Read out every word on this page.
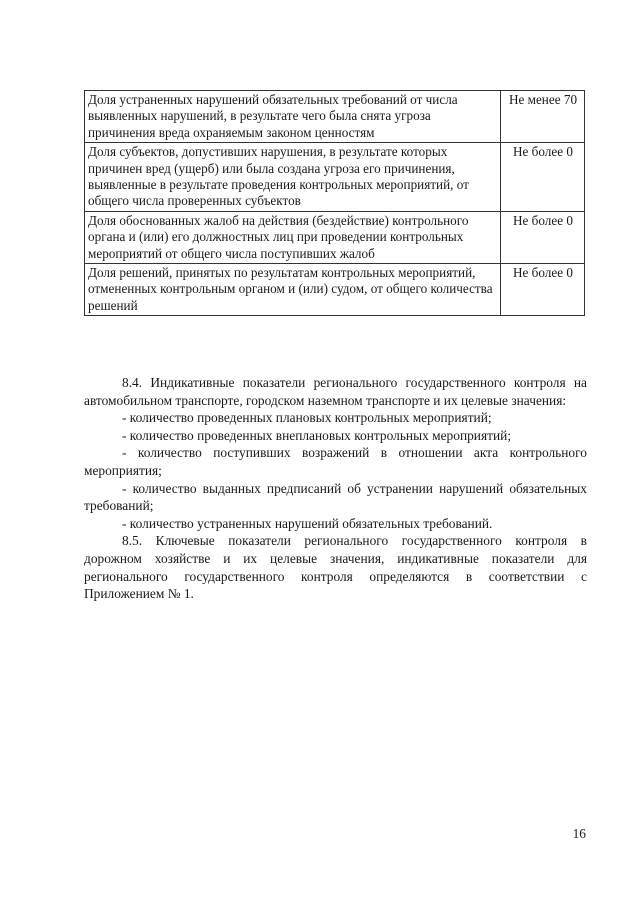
Доля устраненных нарушений обязательных требований от числа выявленных нарушений, в результате чего была снята угроза причинения вреда охраняемым законом ценностям	Не менее 70
Доля субъектов, допустивших нарушения, в результате которых причинен вред (ущерб) или была создана угроза его причинения, выявленные в результате проведения контрольных мероприятий, от общего числа проверенных субъектов	Не более 0
Доля обоснованных жалоб на действия (бездействие) контрольного органа и (или) его должностных лиц при проведении контрольных мероприятий от общего числа поступивших жалоб	Не более 0
Доля решений, принятых по результатам контрольных мероприятий, отмененных контрольным органом и (или) судом, от общего количества решений	Не более 0

8.4. Индикативные показатели регионального государственного контроля на автомобильном транспорте, городском наземном транспорте и их целевые значения:

- количество проведенных плановых контрольных мероприятий;

- количество проведенных внеплановых контрольных мероприятий;

- количество поступивших возражений в отношении акта контрольного мероприятия;

- количество выданных предписаний об устранении нарушений обязательных требований;

- количество устраненных нарушений обязательных требований.

8.5. Ключевые показатели регионального государственного контроля в дорожном хозяйстве и их целевые значения, индикативные показатели для регионального государственного контроля определяются в соответствии с Приложением № 1.

16
